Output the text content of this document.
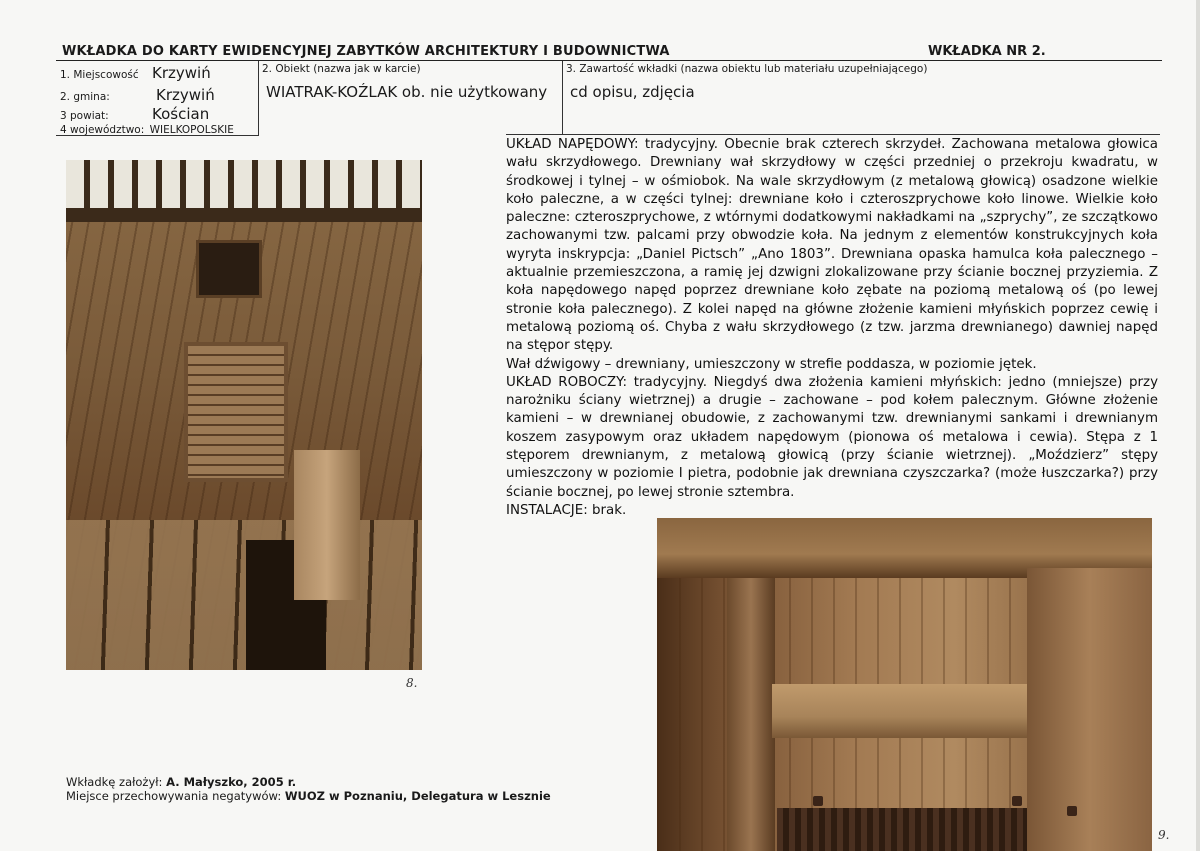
WKŁADKA DO KARTY EWIDENCYJNEJ ZABYTKÓW ARCHITEKTURY I BUDOWNICTWA	WKŁADKA NR 2.
1. Miejscowość Krzywiń
2. gmina:	Krzywiń
3 powiat:	Kościan
4 województwo: WIELKOPOLSKIE
2. Obiekt (nazwa jak w karcie)
WIATRAK-KOŹLAK ob. nie użytkowany
3. Zawartość wkładki (nazwa obiektu lub materiału uzupełniającego)
cd opisu, zdjęcia

UKŁAD NAPĘDOWY: tradycyjny. Obecnie brak czterech skrzydeł. Zachowana metalowa głowica wału skrzydłowego. Drewniany wał skrzydłowy w części przedniej o przekroju kwadratu, w środkowej i tylnej – w ośmiobok. Na wale skrzydłowym (z metalową głowicą) osadzone wielkie koło paleczne, a w części tylnej: drewniane koło i czteroszprychowe koło linowe. Wielkie koło paleczne: czteroszprychowe, z wtórnymi dodatkowymi nakładkami na „szprychy”, ze szczątkowo zachowanymi tzw. palcami przy obwodzie koła. Na jednym z elementów konstrukcyjnych koła wyryta inskrypcja: „Daniel Pictsch” „Ano 1803”. Drewniana opaska hamulca koła palecznego – aktualnie przemieszczona, a ramię jej dzwigni zlokalizowane przy ścianie bocznej przyziemia. Z koła napędowego napęd poprzez drewniane koło zębate na poziomą metalową oś (po lewej stronie koła palecznego). Z kolei napęd na główne złożenie kamieni młyńskich poprzez cewię i metalową poziomą oś. Chyba z wału skrzydłowego (z tzw. jarzma drewnianego) dawniej napęd na stępor stępy.

Wał dźwigowy – drewniany, umieszczony w strefie poddasza, w poziomie jętek.

UKŁAD ROBOCZY: tradycyjny. Niegdyś dwa złożenia kamieni młyńskich: jedno (mniejsze) przy narożniku ściany wietrznej) a drugie – zachowane – pod kołem palecznym. Główne złożenie kamieni – w drewnianej obudowie, z zachowanymi tzw. drewnianymi sankami i drewnianym koszem zasypowym oraz układem napędowym (pionowa oś metalowa i cewia). Stępa z 1 stęporem drewnianym, z metalową głowicą (przy ścianie wietrznej). „Moździerz” stępy umieszczony w poziomie I pietra, podobnie jak drewniana czyszczarka? (może łuszczarka?) przy ścianie bocznej, po lewej stronie sztembra.

INSTALACJE: brak.

8.
9.
Wkładkę założył: A. Małyszko, 2005 r.
Miejsce przechowywania negatywów: WUOZ w Poznaniu, Delegatura w Lesznie
